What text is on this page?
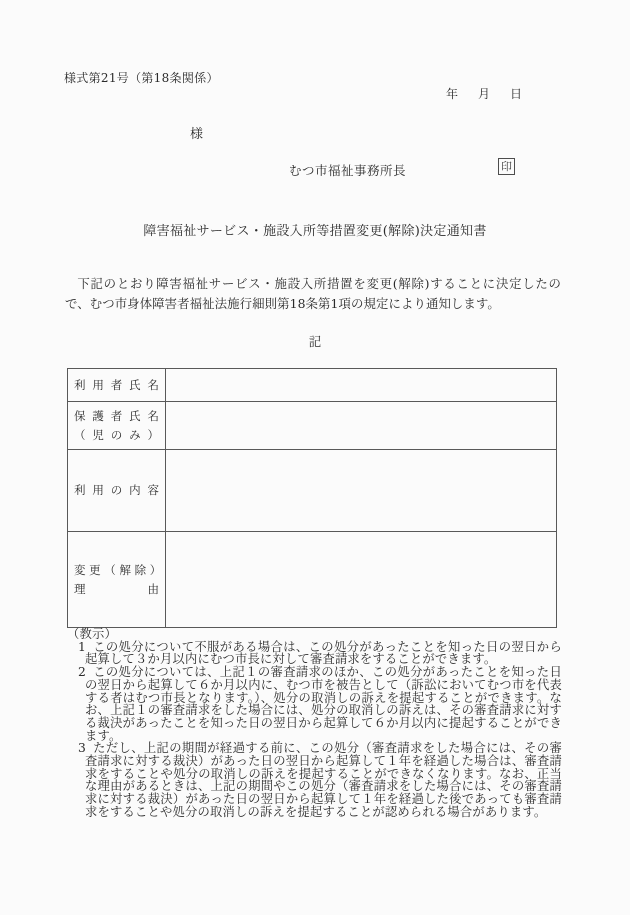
様式第21号（第18条関係）
年 月 日
様
むつ市福祉事務所長	印
障害福祉サービス・施設入所等措置変更(解除)決定通知書
下記のとおり障害福祉サービス・施設入所措置を変更(解除)することに決定したので、むつ市身体障害者福祉法施行細則第18条第1項の規定により通知します。
記
利 用 者 氏 名
保 護 者 氏 名
（ 児 の み ）
利 用 の 内 容
変 更 （ 解 除 ）
理 由

（教示）

1 この処分について不服がある場合は、この処分があったことを知った日の翌日から起算して３か月以内にむつ市長に対して審査請求をすることができます。

2 この処分については、上記１の審査請求のほか、この処分があったことを知った日の翌日から起算して６か月以内に、むつ市を被告として（訴訟においてむつ市を代表する者はむつ市長となります。）、処分の取消しの訴えを提起することができます。なお、上記１の審査請求をした場合には、処分の取消しの訴えは、その審査請求に対する裁決があったことを知った日の翌日から起算して６か月以内に提起することができます。

3 ただし、上記の期間が経過する前に、この処分（審査請求をした場合には、その審査請求に対する裁決）があった日の翌日から起算して１年を経過した場合は、審査請求をすることや処分の取消しの訴えを提起することができなくなります。なお、正当な理由があるときは、上記の期間やこの処分（審査請求をした場合には、その審査請求に対する裁決）があった日の翌日から起算して１年を経過した後であっても審査請求をすることや処分の取消しの訴えを提起することが認められる場合があります。
